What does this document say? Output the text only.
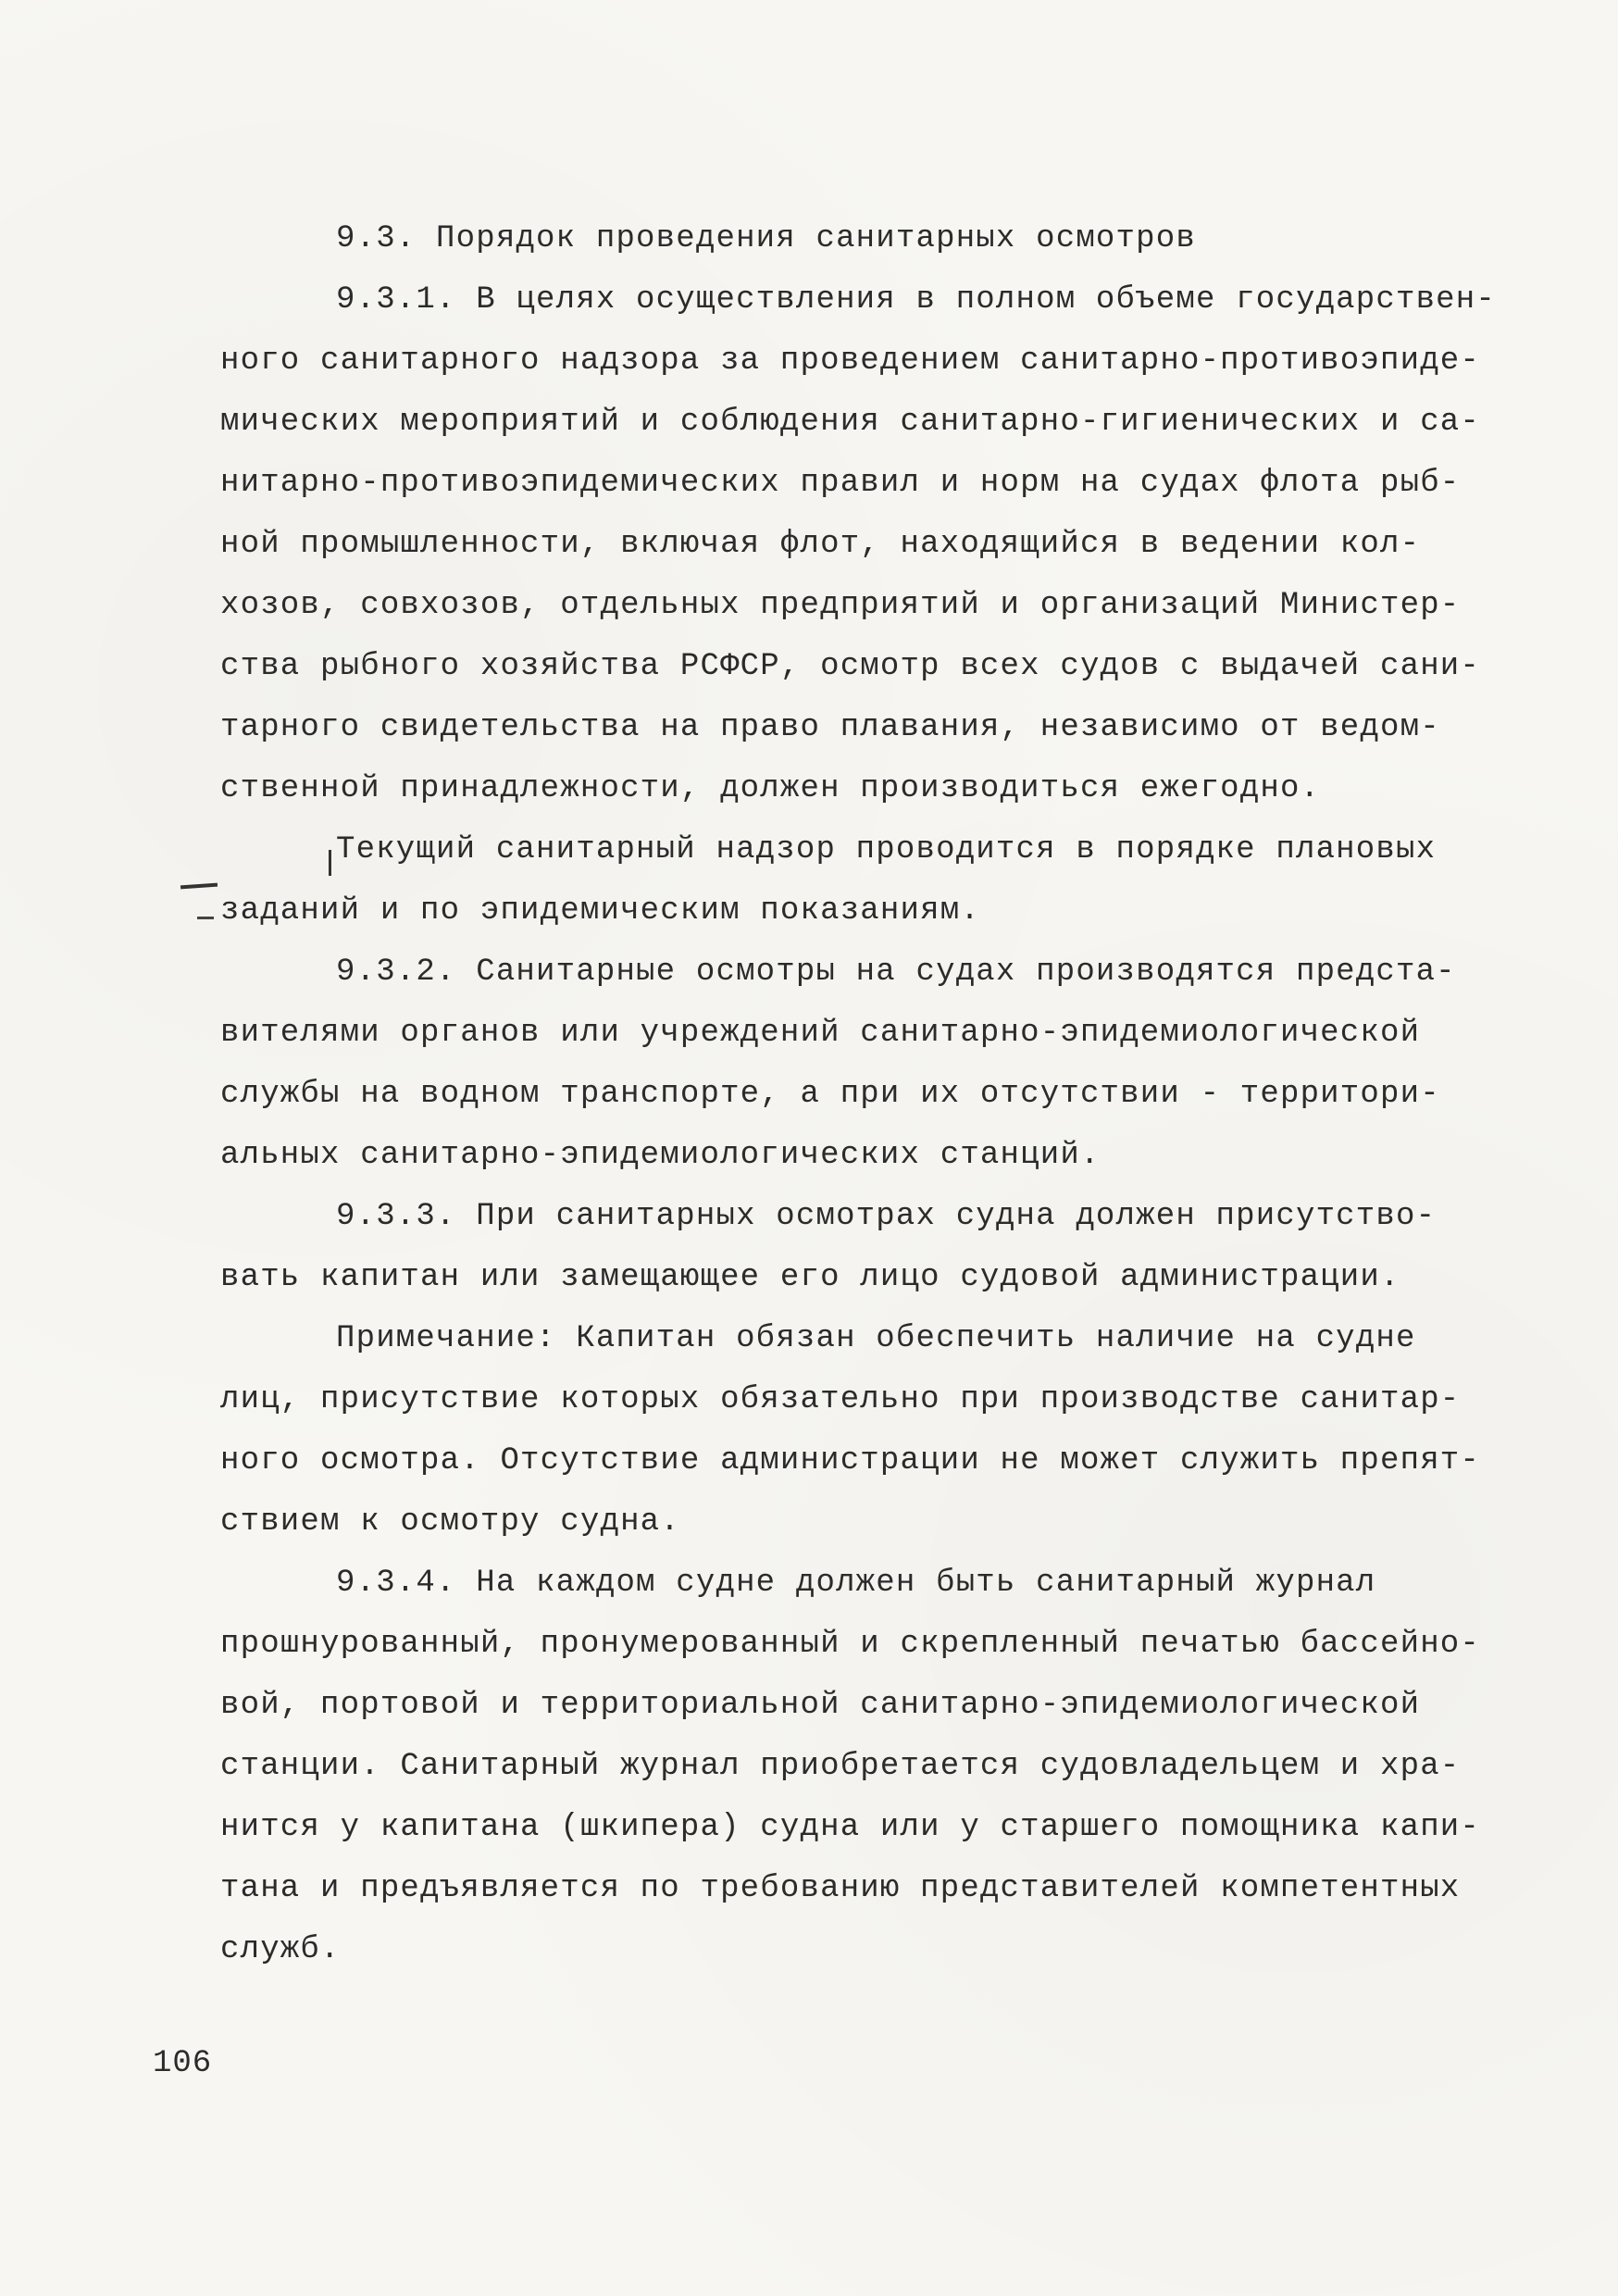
9.3. Порядок проведения санитарных осмотров
9.3.1. В целях осуществления в полном объеме государствен-
ного санитарного надзора за проведением санитарно-противоэпиде-
мических мероприятий и соблюдения санитарно-гигиенических и са-
нитарно-противоэпидемических правил и норм на судах флота рыб-
ной промышленности, включая флот, находящийся в ведении кол-
хозов, совхозов, отдельных предприятий и организаций Министер-
ства рыбного хозяйства РСФСР, осмотр всех судов с выдачей сани-
тарного свидетельства на право плавания, независимо от ведом-
ственной принадлежности, должен производиться ежегодно.
Текущий санитарный надзор проводится в порядке плановых
заданий и по эпидемическим показаниям.
9.3.2. Санитарные осмотры на судах производятся предста-
вителями органов или учреждений санитарно-эпидемиологической
службы на водном транспорте, а при их отсутствии - территори-
альных санитарно-эпидемиологических станций.
9.3.3. При санитарных осмотрах судна должен присутство-
вать капитан или замещающее его лицо судовой администрации.
Примечание: Капитан обязан обеспечить наличие на судне
лиц, присутствие которых обязательно при производстве санитар-
ного осмотра. Отсутствие администрации не может служить препят-
ствием к осмотру судна.
9.3.4. На каждом судне должен быть санитарный журнал
прошнурованный, пронумерованный и скрепленный печатью бассейно-
вой, портовой и территориальной санитарно-эпидемиологической
станции. Санитарный журнал приобретается судовладельцем и хра-
нится у капитана (шкипера) судна или у старшего помощника капи-
тана и предъявляется по требованию представителей компетентных
служб.
106
